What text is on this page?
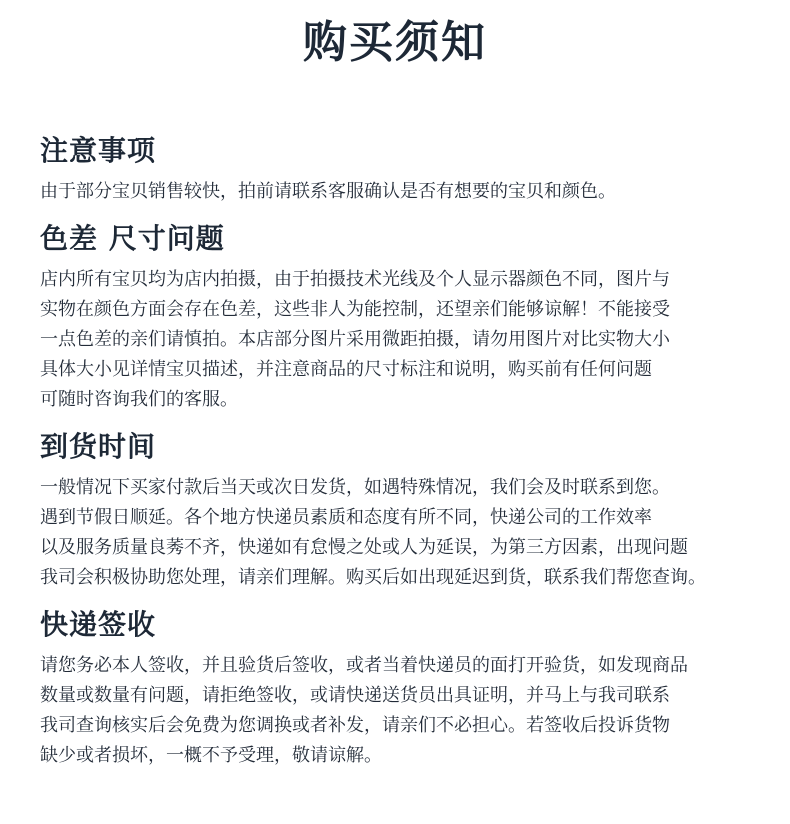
购买须知
注意事项

由于部分宝贝销售较快，拍前请联系客服确认是否有想要的宝贝和颜色。

色差 尺寸问题

店内所有宝贝均为店内拍摄，由于拍摄技术光线及个人显示器颜色不同，图片与

实物在颜色方面会存在色差，这些非人为能控制，还望亲们能够谅解！不能接受

一点色差的亲们请慎拍。本店部分图片采用微距拍摄，请勿用图片对比实物大小

具体大小见详情宝贝描述，并注意商品的尺寸标注和说明，购买前有任何问题

可随时咨询我们的客服。

到货时间

一般情况下买家付款后当天或次日发货，如遇特殊情况，我们会及时联系到您。

遇到节假日顺延。各个地方快递员素质和态度有所不同，快递公司的工作效率

以及服务质量良莠不齐，快递如有怠慢之处或人为延误，为第三方因素，出现问题

我司会积极协助您处理，请亲们理解。购买后如出现延迟到货，联系我们帮您查询。

快递签收

请您务必本人签收，并且验货后签收，或者当着快递员的面打开验货，如发现商品

数量或数量有问题，请拒绝签收，或请快递送货员出具证明，并马上与我司联系

我司查询核实后会免费为您调换或者补发，请亲们不必担心。若签收后投诉货物

缺少或者损坏，一概不予受理，敬请谅解。
